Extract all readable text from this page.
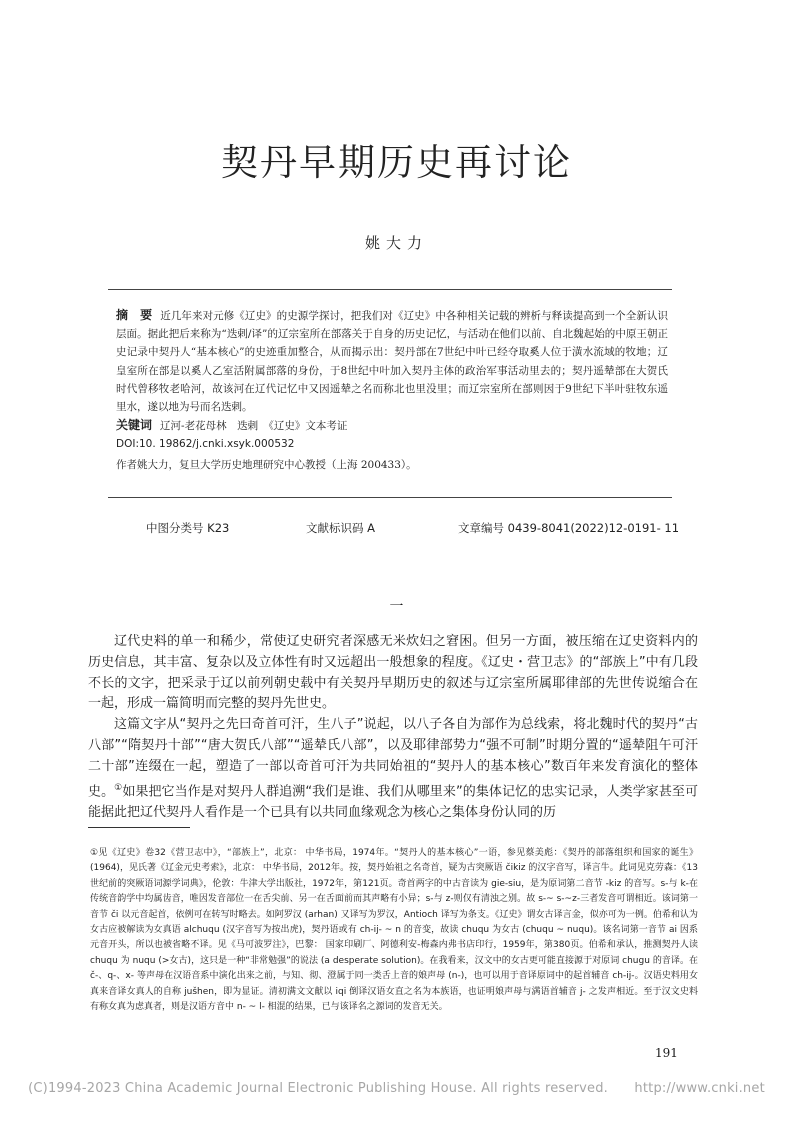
契丹早期历史再讨论
姚大力
摘　要 近几年来对元修《辽史》的史源学探讨，把我们对《辽史》中各种相关记载的辨析与释读提高到一个全新认识层面。据此把后来称为“迭剌/译”的辽宗室所在部落关于自身的历史记忆，与活动在他们以前、自北魏起始的中原王朝正史记录中契丹人“基本核心”的史迹重加整合，从而揭示出：契丹部在7世纪中叶已经夺取奚人位于潢水流域的牧地；辽皇室所在部是以奚人乙室活附属部落的身份，于8世纪中叶加入契丹主体的政治军事活动里去的；契丹遥辇部在大贺氏时代曾移牧老哈河，故该河在辽代记忆中又因遥辇之名而称北也里没里；而辽宗室所在部则因于9世纪下半叶驻牧东遥里水，遂以地为号而名迭剌。
关键词 辽河-老花母林　迭剌　《辽史》文本考证
DOI:10. 19862/j.cnki.xsyk.000532
作者姚大力，复旦大学历史地理研究中心教授（上海 200433）。
中图分类号 K23	文献标识码 A	文章编号 0439-8041(2022)12-0191- 11
一

辽代史料的单一和稀少，常使辽史研究者深感无米炊妇之窘困。但另一方面，被压缩在辽史资料内的历史信息，其丰富、复杂以及立体性有时又远超出一般想象的程度。《辽史・营卫志》的“部族上”中有几段不长的文字，把采录于辽以前列朝史载中有关契丹早期历史的叙述与辽宗室所属耶律部的先世传说缩合在一起，形成一篇简明而完整的契丹先世史。

这篇文字从“契丹之先曰奇首可汗，生八子”说起，以八子各自为部作为总线索，将北魏时代的契丹“古八部”“隋契丹十部”“唐大贺氏八部”“遥辇氏八部”，以及耶律部势力“强不可制”时期分置的“遥辇阻午可汗二十部”连缀在一起，塑造了一部以奇首可汗为共同始祖的“契丹人的基本核心”数百年来发育演化的整体史。①如果把它当作是对契丹人群追溯“我们是谁、我们从哪里来”的集体记忆的忠实记录，人类学家甚至可能据此把辽代契丹人看作是一个已具有以共同血缘观念为核心之集体身份认同的历

①见《辽史》卷32《营卫志中》，“部族上”，北京： 中华书局，1974年。“契丹人的基本核心”一语，参见蔡美彪：《契丹的部落组织和国家的诞生》(1964)，见氏著《辽金元史考索》，北京： 中华书局，2012年。按，契丹始祖之名奇首，疑为古突厥语 čikiz 的汉字音写，译言牛。此词见克劳森：《13 世纪前的突厥语词源学词典》，伦敦：牛津大学出版社，1972年，第121页。奇首两字的中古音读为 gie-siu，是为原词第二音节 -kiz 的音写。s-与 k-在传统音韵学中均属齿音，唯因发音部位一在舌尖前、另一在舌面前而其声略有小异；s-与 z-则仅有清浊之别。故 s-~ s-~z-三者发音可谓相近。该词第一音节 či 以元音起首，依例可在转写时略去。如阿罗汉 (arhan) 又译写为罗汉，Antioch 译写为条支。《辽史》谓女古译言金，似亦可为一例。伯希和认为女古应被解读为女真语 alchuqu (汉字音写为按出虎)，契丹语或有 ch-ij- ~ n 的音变，故读 chuqu 为女古 (chuqu ~ nuqu)。该名词第一音节 ai 因系元音开头，所以也被省略不译。见《马可波罗注》，巴黎： 国家印刷厂、阿德利安-梅森内弗书店印行，1959年，第380页。伯希和承认，推测契丹人读 chuqu 为 nuqu (>女古)，这只是一种“非常勉强”的说法 (a desperate solution)。在我看来，汉文中的女古更可能直接源于对原词 chugu 的音译。在 č-、q-、x- 等声母在汉语音系中演化出来之前，与知、彻、澄属于同一类舌上音的娘声母 (n-)，也可以用于音译原词中的起首辅音 ch-ij-。汉语史料用女真来音译女真人的自称 jušhen，即为显证。清初满文文献以 iqi 倒译汉语女直之名为本族语，也证明娘声母与满语首辅音 j- 之发声相近。至于汉文史料有称女真为虑真者，则是汉语方音中 n- ~ l- 相混的结果，已与该译名之源词的发音无关。

191
(C)1994-2023 China Academic Journal Electronic Publishing House. All rights reserved.　　http://www.cnki.net
